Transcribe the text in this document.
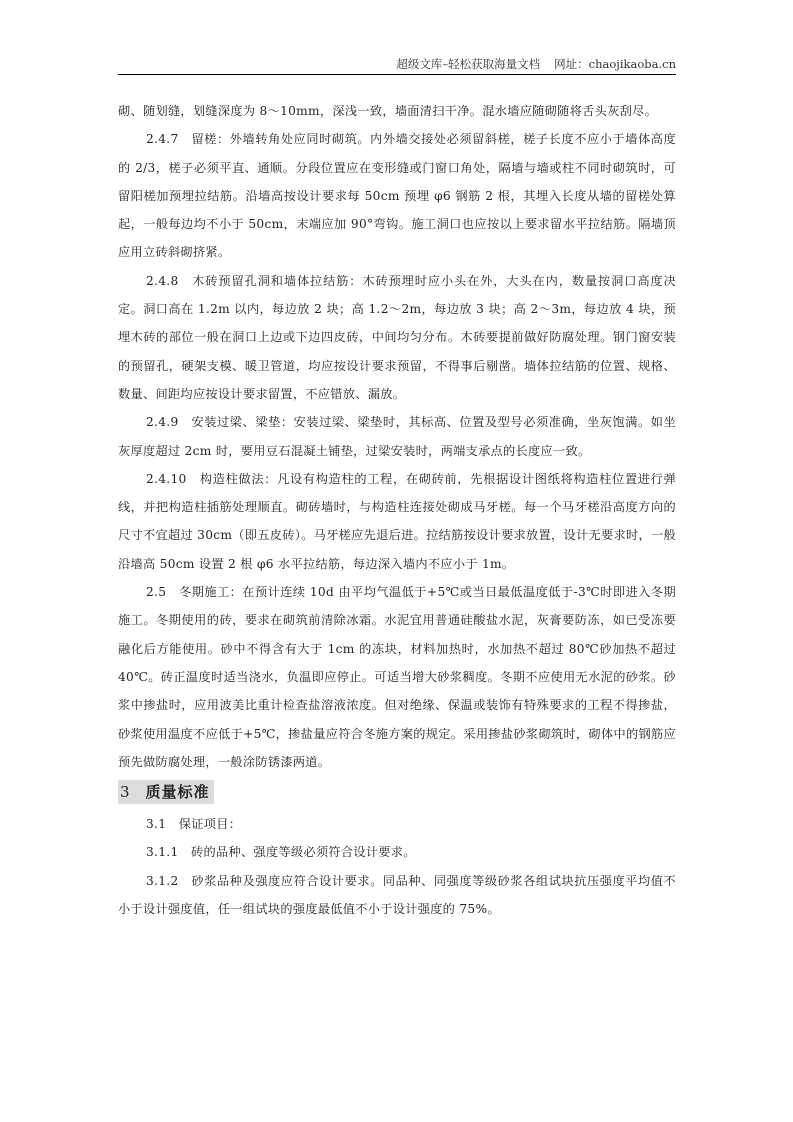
超级文库–轻松获取海量文档 网址：chaojikaoba.cn

砌、随划缝，划缝深度为 8～10mm，深浅一致，墙面清扫干净。混水墙应随砌随将舌头灰刮尽。

2.4.7　留槎：外墙转角处应同时砌筑。内外墙交接处必须留斜槎，槎子长度不应小于墙体高度的 2/3，槎子必须平直、通顺。分段位置应在变形缝或门窗口角处，隔墙与墙或柱不同时砌筑时，可留阳槎加预埋拉结筋。沿墙高按设计要求每 50cm 预埋 φ6 钢筋 2 根，其埋入长度从墙的留槎处算起，一般每边均不小于 50cm，末端应加 90°弯钩。施工洞口也应按以上要求留水平拉结筋。隔墙顶应用立砖斜砌挤紧。

2.4.8　木砖预留孔洞和墙体拉结筋：木砖预埋时应小头在外，大头在内，数量按洞口高度决定。洞口高在 1.2m 以内，每边放 2 块；高 1.2～2m，每边放 3 块；高 2～3m，每边放 4 块，预埋木砖的部位一般在洞口上边或下边四皮砖，中间均匀分布。木砖要提前做好防腐处理。钢门窗安装的预留孔，硬架支模、暖卫管道，均应按设计要求预留，不得事后剔凿。墙体拉结筋的位置、规格、数量、间距均应按设计要求留置，不应错放、漏放。

2.4.9　安装过梁、梁垫：安装过梁、梁垫时，其标高、位置及型号必须准确，坐灰饱满。如坐灰厚度超过 2cm 时，要用豆石混凝土铺垫，过梁安装时，两端支承点的长度应一致。

2.4.10　构造柱做法：凡设有构造柱的工程，在砌砖前，先根据设计图纸将构造柱位置进行弹线，并把构造柱插筋处理顺直。砌砖墙时，与构造柱连接处砌成马牙槎。每一个马牙槎沿高度方向的尺寸不宜超过 30cm（即五皮砖）。马牙槎应先退后进。拉结筋按设计要求放置，设计无要求时，一般沿墙高 50cm 设置 2 根 φ6 水平拉结筋，每边深入墙内不应小于 1m。

2.5　冬期施工：在预计连续 10d 由平均气温低于+5℃或当日最低温度低于-3℃时即进入冬期施工。冬期使用的砖，要求在砌筑前清除冰霜。水泥宜用普通硅酸盐水泥，灰膏要防冻，如已受冻要融化后方能使用。砂中不得含有大于 1cm 的冻块，材料加热时，水加热不超过 80℃砂加热不超过 40℃。砖正温度时适当浇水，负温即应停止。可适当增大砂浆稠度。冬期不应使用无水泥的砂浆。砂浆中掺盐时，应用波美比重计检查盐溶液浓度。但对绝缘、保温或装饰有特殊要求的工程不得掺盐，砂浆使用温度不应低于+5℃，掺盐量应符合冬施方案的规定。采用掺盐砂浆砌筑时，砌体中的钢筋应预先做防腐处理，一般涂防锈漆两道。

3 质量标准

3.1　保证项目：

3.1.1　砖的品种、强度等级必须符合设计要求。

3.1.2　砂浆品种及强度应符合设计要求。同品种、同强度等级砂浆各组试块抗压强度平均值不小于设计强度值，任一组试块的强度最低值不小于设计强度的 75%。
